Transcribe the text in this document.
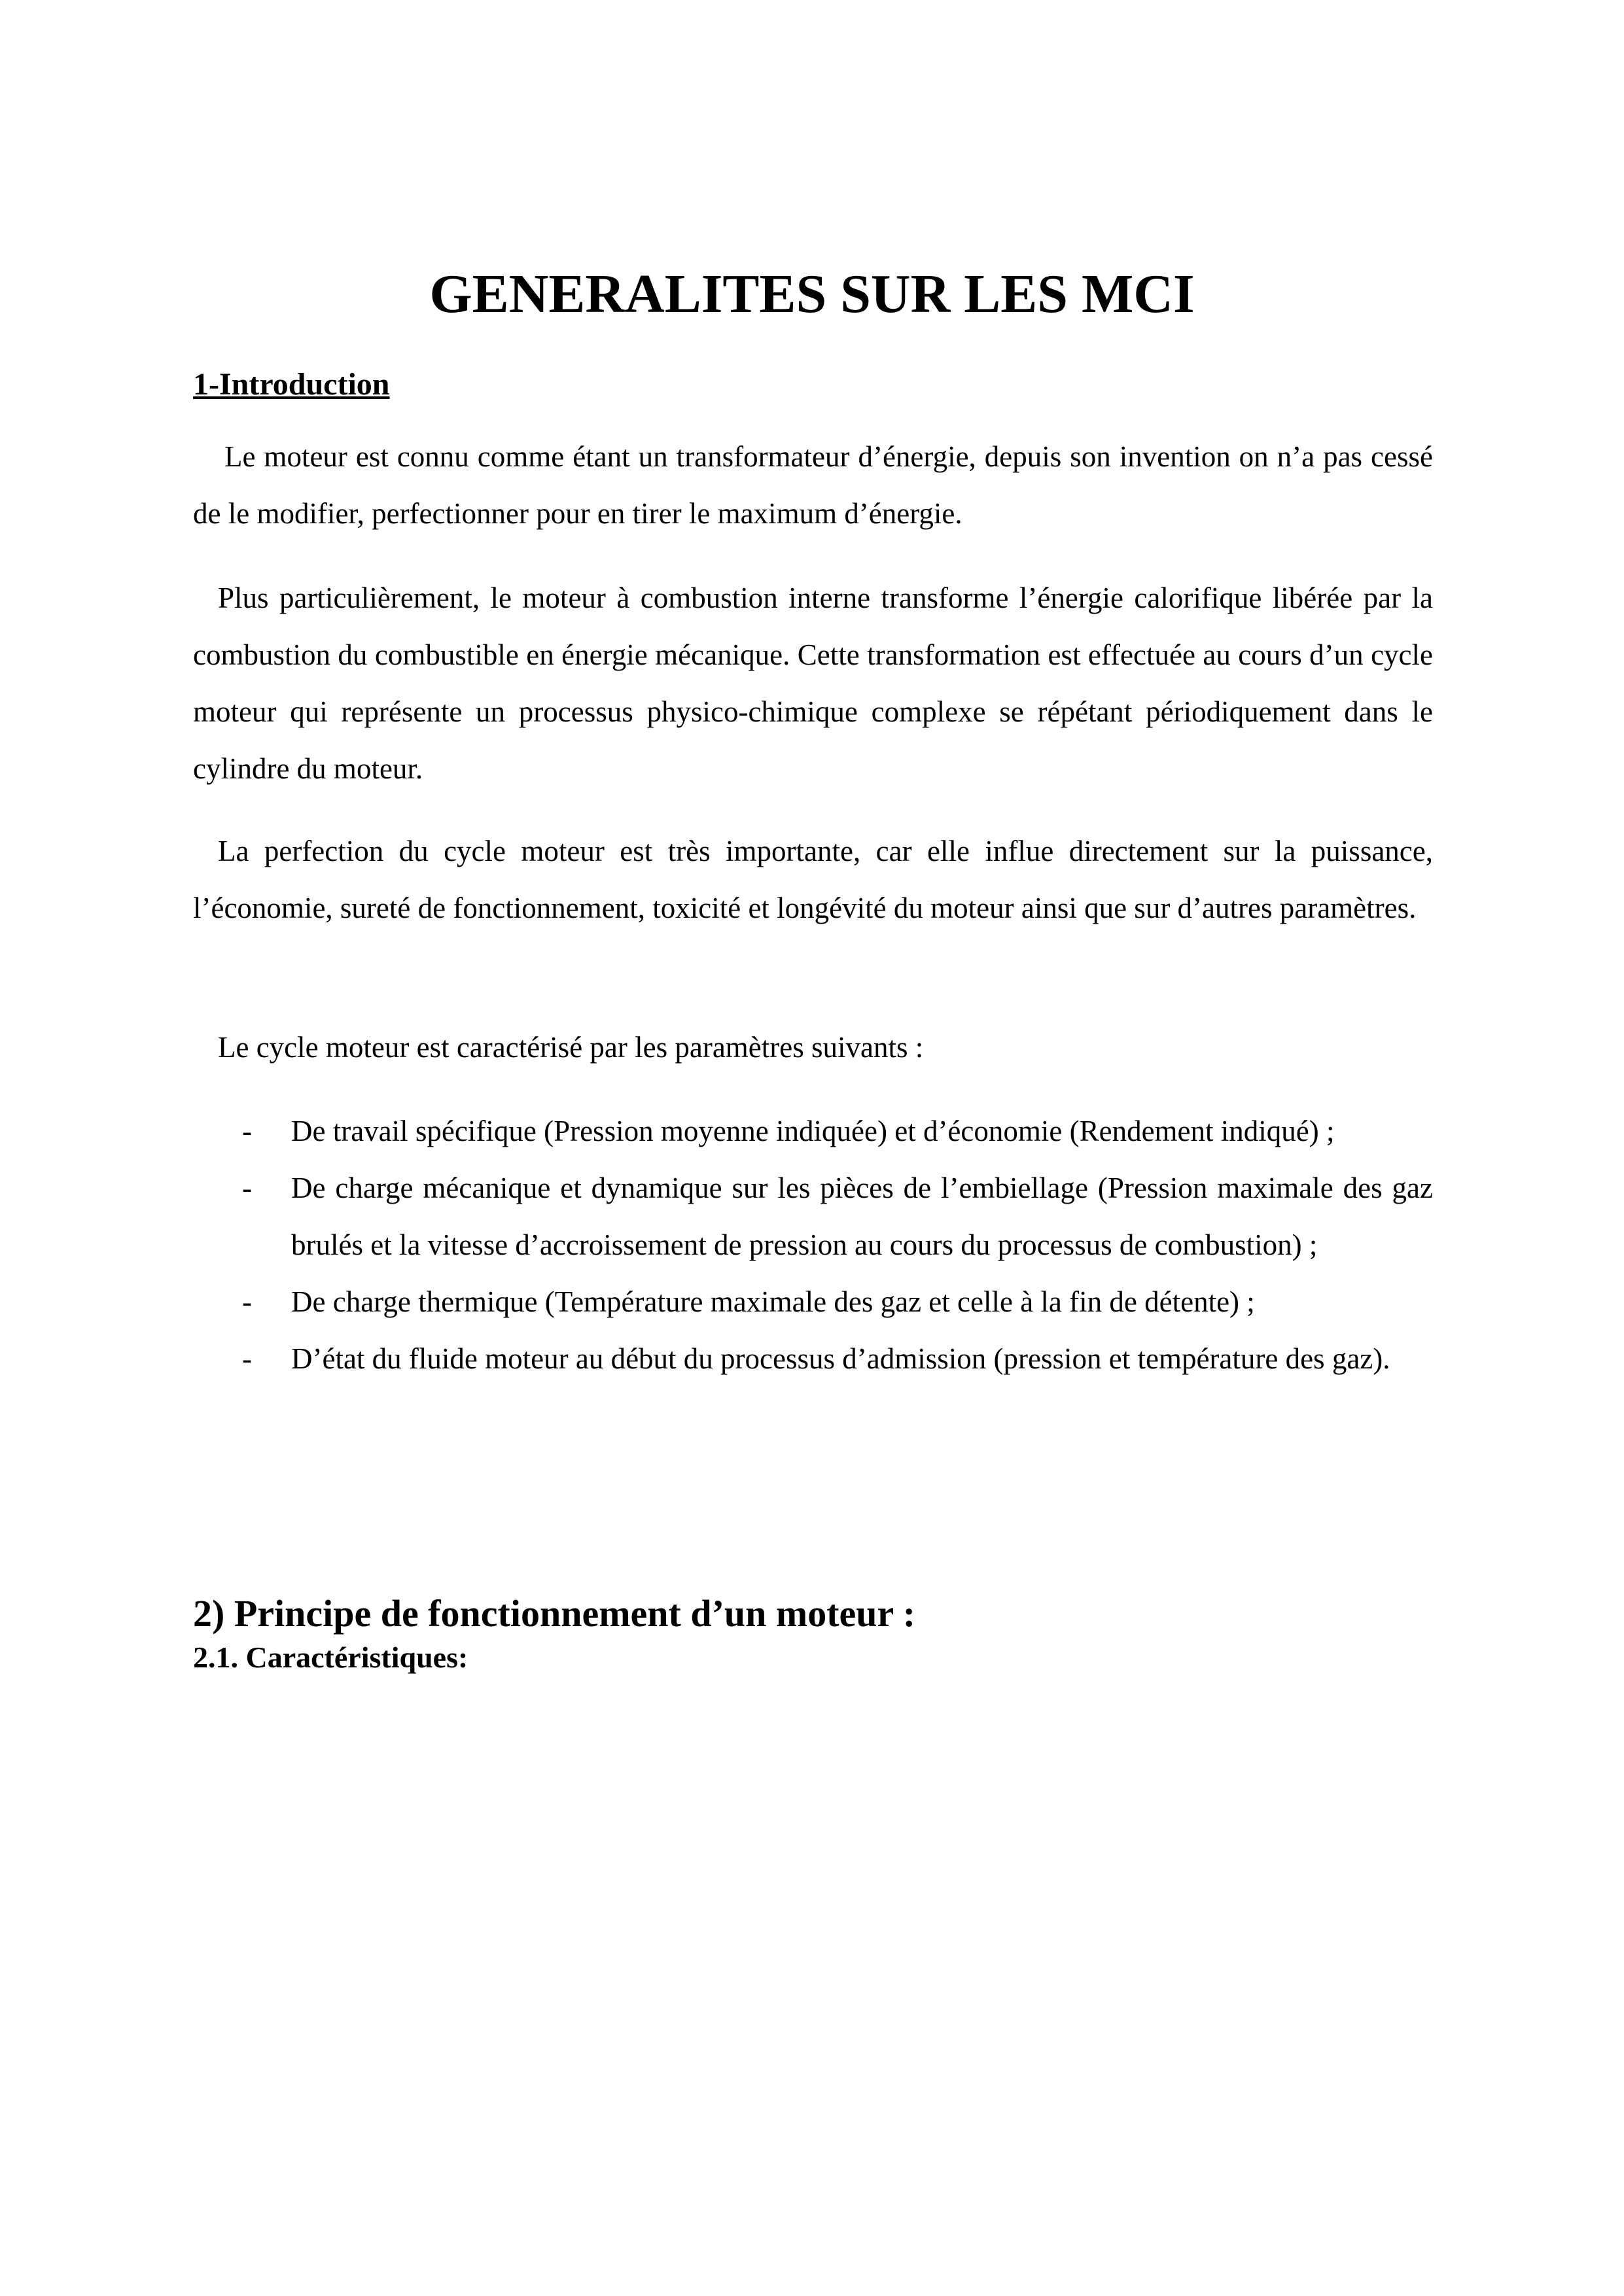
GENERALITES SUR LES MCI
1-Introduction

Le moteur est connu comme étant un transformateur d’énergie, depuis son invention on n’a pas cessé de le modifier, perfectionner pour en tirer le maximum d’énergie.

Plus particulièrement, le moteur à combustion interne transforme l’énergie calorifique libérée par la combustion du combustible en énergie mécanique. Cette transformation est effectuée au cours d’un cycle moteur qui représente un processus physico-chimique complexe se répétant périodiquement dans le cylindre du moteur.

La perfection du cycle moteur est très importante, car elle influe directement sur la puissance, l’économie, sureté de fonctionnement, toxicité et longévité du moteur ainsi que sur d’autres paramètres.

Le cycle moteur est caractérisé par les paramètres suivants :

- De travail spécifique (Pression moyenne indiquée) et d’économie (Rendement indiqué) ;
- De charge mécanique et dynamique sur les pièces de l’embiellage (Pression maximale des gaz brulés et la vitesse d’accroissement de pression au cours du processus de combustion) ;
- De charge thermique (Température maximale des gaz et celle à la fin de détente) ;
- D’état du fluide moteur au début du processus d’admission (pression et température des gaz).
2) Principe de fonctionnement d’un moteur :
2.1. Caractéristiques:
